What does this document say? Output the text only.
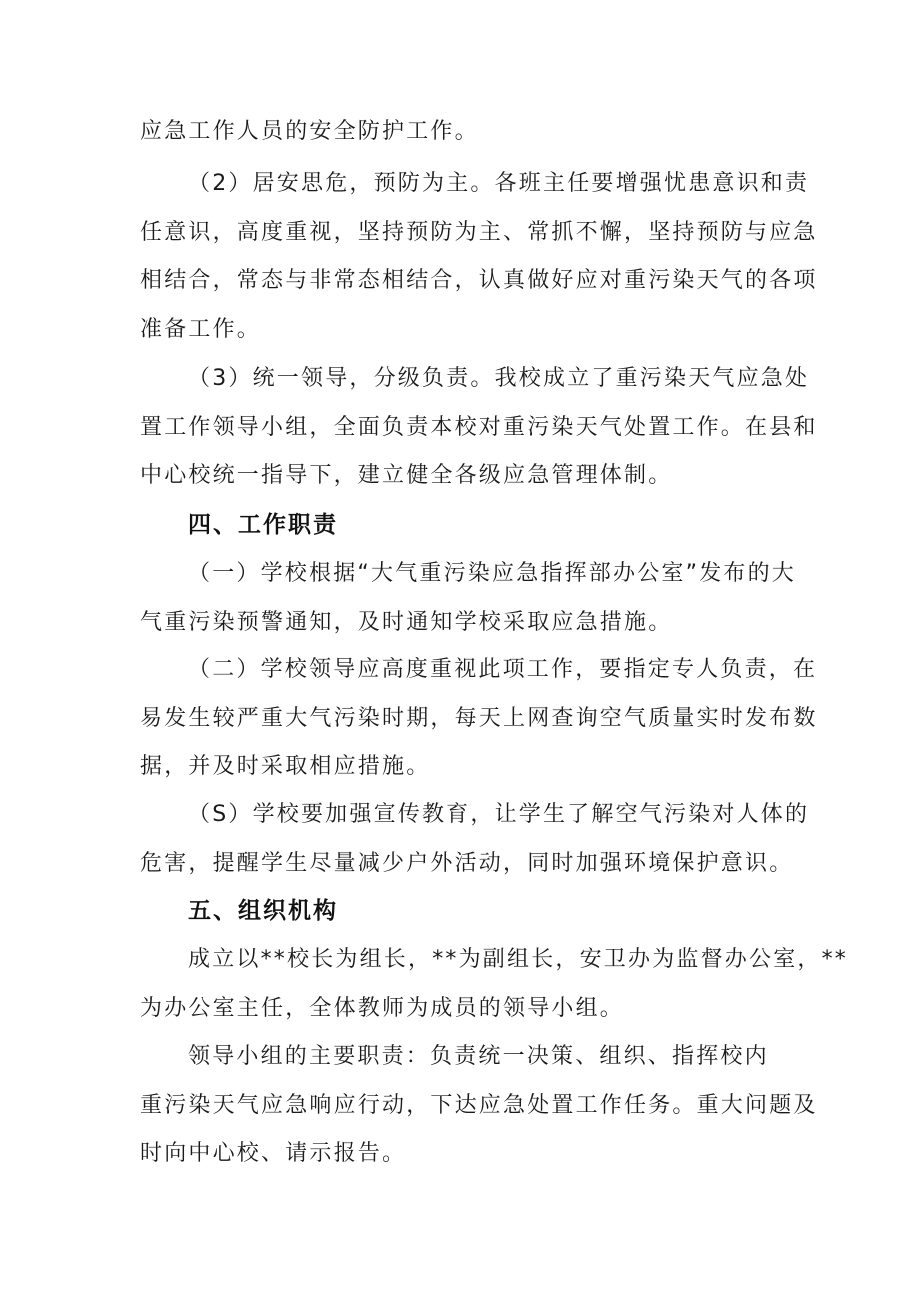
应急工作人员的安全防护工作。
（2）居安思危，预防为主。各班主任要增强忧患意识和责
任意识，高度重视，坚持预防为主、常抓不懈，坚持预防与应急
相结合，常态与非常态相结合，认真做好应对重污染天气的各项
准备工作。
（3）统一领导，分级负责。我校成立了重污染天气应急处
置工作领导小组，全面负责本校对重污染天气处置工作。在县和
中心校统一指导下，建立健全各级应急管理体制。
四、工作职责
（一）学校根据“大气重污染应急指挥部办公室”发布的大
气重污染预警通知，及时通知学校采取应急措施。
（二）学校领导应高度重视此项工作，要指定专人负责，在
易发生较严重大气污染时期，每天上网查询空气质量实时发布数
据，并及时采取相应措施。
（S）学校要加强宣传教育，让学生了解空气污染对人体的
危害，提醒学生尽量减少户外活动，同时加强环境保护意识。
五、组织机构
成立以**校长为组长，**为副组长，安卫办为监督办公室，**
为办公室主任，全体教师为成员的领导小组。
领导小组的主要职责：负责统一决策、组织、指挥校内
重污染天气应急响应行动，下达应急处置工作任务。重大问题及
时向中心校、请示报告。
